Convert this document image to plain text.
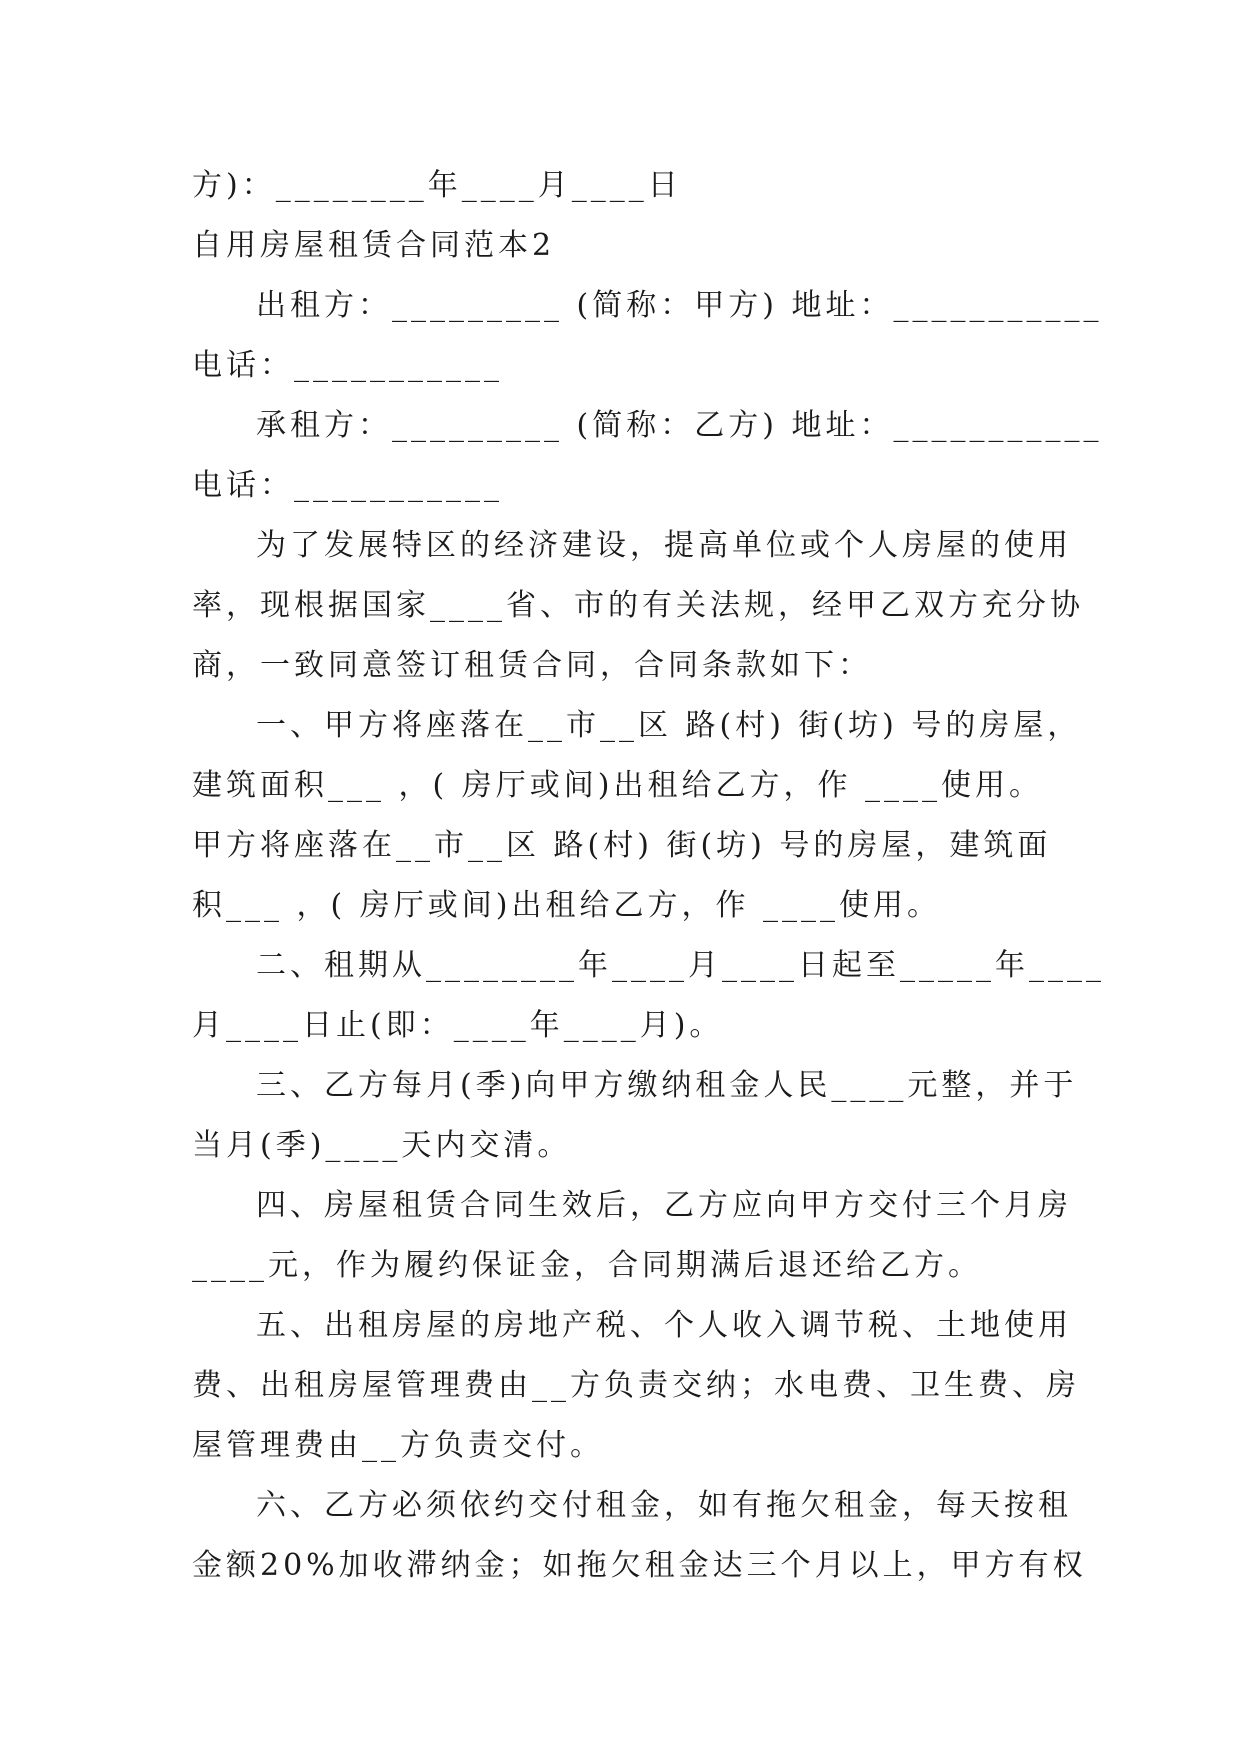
方)：________年____月____日
自用房屋租赁合同范本2
出租方：_________ (简称：甲方) 地址：___________
电话：___________
承租方：_________ (简称：乙方) 地址：___________
电话：___________
为了发展特区的经济建设，提高单位或个人房屋的使用
率，现根据国家____省、市的有关法规，经甲乙双方充分协
商，一致同意签订租赁合同，合同条款如下：
一、甲方将座落在__市__区 路(村) 街(坊) 号的房屋，
建筑面积___ ，( 房厅或间)出租给乙方，作 ____使用。
甲方将座落在__市__区 路(村) 街(坊) 号的房屋，建筑面
积___ ，( 房厅或间)出租给乙方，作 ____使用。
二、租期从________年____月____日起至_____年____
月____日止(即：____年____月)。
三、乙方每月(季)向甲方缴纳租金人民____元整，并于
当月(季)____天内交清。
四、房屋租赁合同生效后，乙方应向甲方交付三个月房
____元，作为履约保证金，合同期满后退还给乙方。
五、出租房屋的房地产税、个人收入调节税、土地使用
费、出租房屋管理费由__方负责交纳；水电费、卫生费、房
屋管理费由__方负责交付。
六、乙方必须依约交付租金，如有拖欠租金，每天按租
金额20%加收滞纳金；如拖欠租金达三个月以上，甲方有权
